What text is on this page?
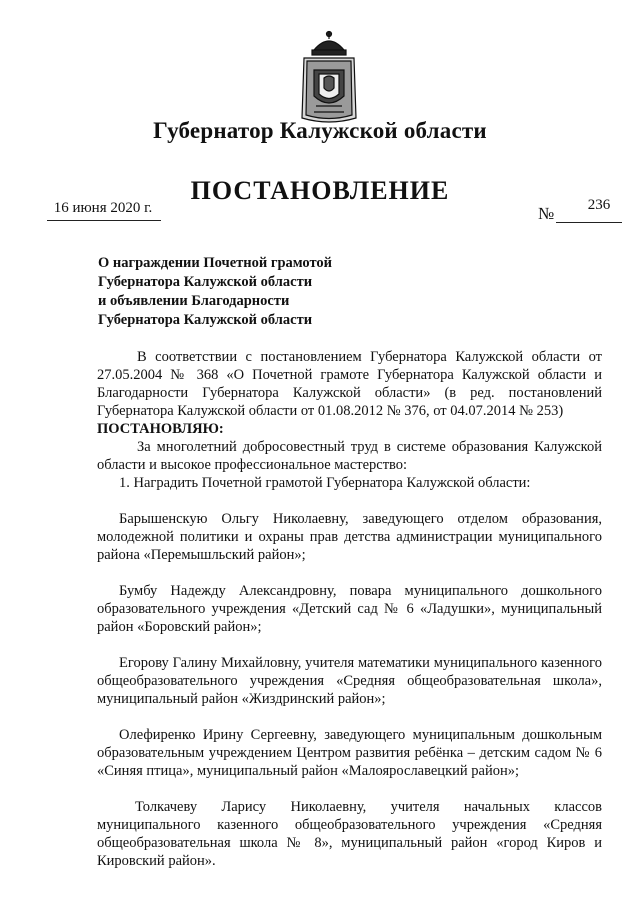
Губернатор Калужской области
ПОСТАНОВЛЕНИЕ
16 июня 2020 г.	№	236
О награждении Почетной грамотой
Губернатора Калужской области
и объявлении Благодарности
Губернатора Калужской области

В соответствии с постановлением Губернатора Калужской области от 27.05.2004 № 368 «О Почетной грамоте Губернатора Калужской области и Благодарности Губернатора Калужской области» (в ред. постановлений Губернатора Калужской области от 01.08.2012 № 376, от 04.07.2014 № 253)

ПОСТАНОВЛЯЮ:

За многолетний добросовестный труд в системе образования Калужской области и высокое профессиональное мастерство:

1. Наградить Почетной грамотой Губернатора Калужской области:

Барышенскую Ольгу Николаевну, заведующего отделом образования, молодежной политики и охраны прав детства администрации муниципального района «Перемышльский район»;

Бумбу Надежду Александровну, повара муниципального дошкольного образовательного учреждения «Детский сад № 6 «Ладушки», муниципальный район «Боровский район»;

Егорову Галину Михайловну, учителя математики муниципального казенного общеобразовательного учреждения «Средняя общеобразовательная школа», муниципальный район «Жиздринский район»;

Олефиренко Ирину Сергеевну, заведующего муниципальным дошкольным образовательным учреждением Центром развития ребёнка – детским садом № 6 «Синяя птица», муниципальный район «Малоярославецкий район»;

Толкачеву Ларису Николаевну, учителя начальных классов муниципального казенного общеобразовательного учреждения «Средняя общеобразовательная школа № 8», муниципальный район «город Киров и Кировский район».
